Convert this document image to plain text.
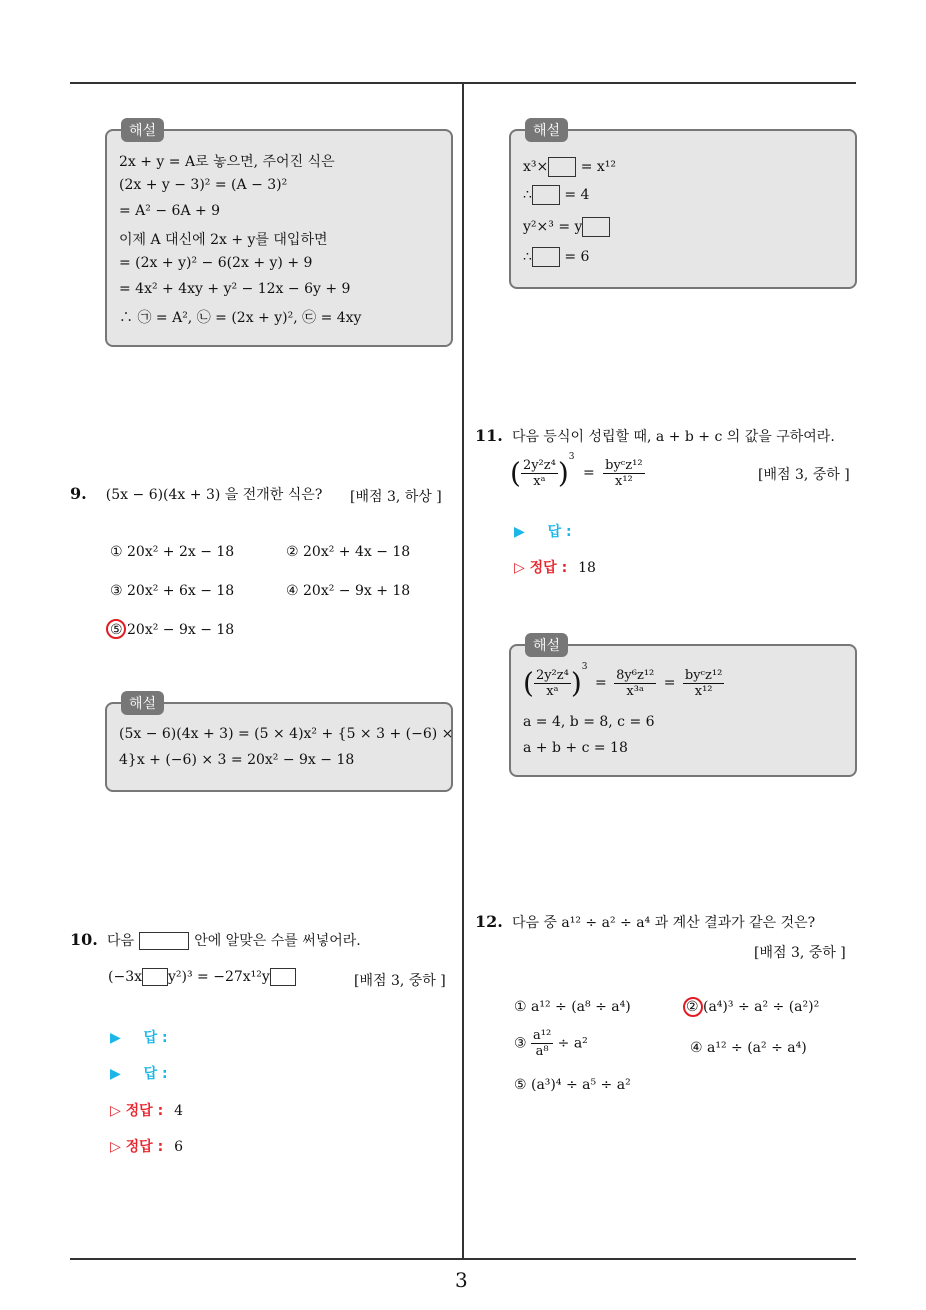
3
해설
2x + y = A로 놓으면, 주어진 식은
(2x + y − 3)² = (A − 3)²
= A² − 6A + 9
이제 A 대신에 2x + y를 대입하면
= (2x + y)² − 6(2x + y) + 9
= 4x² + 4xy + y² − 12x − 6y + 9
∴ ㉠ = A², ㉡ = (2x + y)², ㉢ = 4xy
9. (5x − 6)(4x + 3) 을 전개한 식은? [배점 3, 하상 ]
① 20x² + 2x − 18	② 20x² + 4x − 18
③ 20x² + 6x − 18	④ 20x² − 9x + 18
⑤ 20x² − 9x − 18
해설
(5x − 6)(4x + 3) = (5 × 4)x² + {5 × 3 + (−6) ×
4}x + (−6) × 3 = 20x² − 9x − 18
10. 다음	안에 알맞은 수를 써넣어라.
(−3x y²)³ = −27x¹²y	[배점 3, 중하 ]
▶ 답 :
▶ 답 :
▷ 정답 : 4
▷ 정답 : 6
해설
x³× = x¹²
∴ = 4
y²×³ = y
∴ = 6
11. 다음 등식이 성립할 때, a + b + c 의 값을 구하여라.
( $\frac{\text{2y²z⁴}}{\text{xᵃ}} )^3 = \frac{\text{byᶜz¹²}}{\text{x¹²}}$	[배점 3, 중하 ]
▶ 답 :
▷ 정답 : 18
해설
( $\frac{\text{2y²z⁴}}{\text{xᵃ}} )^3 = \frac{\text{8y⁶z¹²}}{\text{x³ᵃ}} = \frac{\text{byᶜz¹²}}{\text{x¹²}}$
a = 4, b = 8, c = 6
a + b + c = 18
12. 다음 중 a¹² ÷ a² ÷ a⁴ 과 계산 결과가 같은 것은?
[배점 3, 중하 ]
① a¹² ÷ (a⁸ ÷ a⁴)	② (a⁴)³ ÷ a² ÷ (a²)²
③ $\frac{\text{a¹²}}{\text{a⁸}} \div a^2$	④ a¹² ÷ (a² ÷ a⁴)
⑤ (a³)⁴ ÷ a⁵ ÷ a²
